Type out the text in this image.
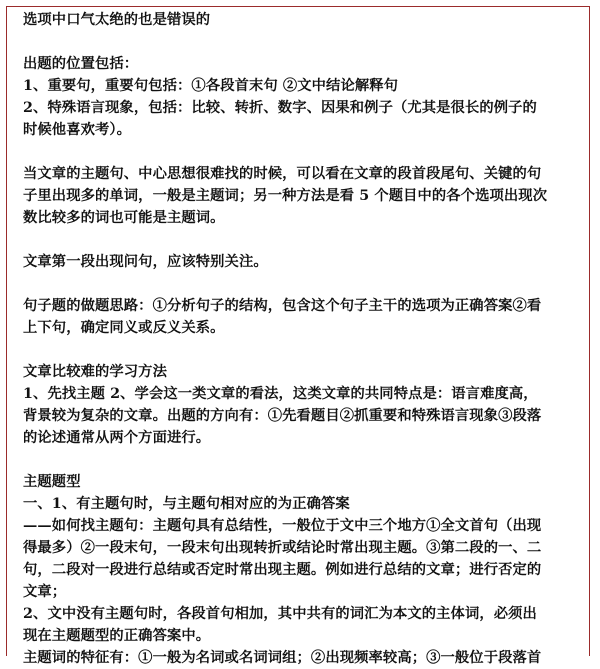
选项中口气太绝的也是错误的
出题的位置包括：
1、重要句，重要句包括：①各段首末句 ②文中结论解释句
2、特殊语言现象，包括：比较、转折、数字、因果和例子（尤其是很长的例子的
时候他喜欢考）。
当文章的主题句、中心思想很难找的时候，可以看在文章的段首段尾句、关键的句
子里出现多的单词，一般是主题词；另一种方法是看 5 个题目中的各个选项出现次
数比较多的词也可能是主题词。
文章第一段出现问句，应该特别关注。
句子题的做题思路：①分析句子的结构，包含这个句子主干的选项为正确答案②看
上下句，确定同义或反义关系。
文章比较难的学习方法
1、先找主题 2、学会这一类文章的看法，这类文章的共同特点是：语言难度高，
背景较为复杂的文章。出题的方向有：①先看题目②抓重要和特殊语言现象③段落
的论述通常从两个方面进行。
主题题型
一、1、有主题句时，与主题句相对应的为正确答案
——如何找主题句：主题句具有总结性，一般位于文中三个地方①全文首句（出现
得最多）②一段末句，一段末句出现转折或结论时常出现主题。③第二段的一、二
句，二段对一段进行总结或否定时常出现主题。例如进行总结的文章；进行否定的
文章；
2、文中没有主题句时，各段首句相加，其中共有的词汇为本文的主体词，必须出
现在主题题型的正确答案中。
主题词的特征有：①一般为名词或名词词组；②出现频率较高；③一般位于段落首
